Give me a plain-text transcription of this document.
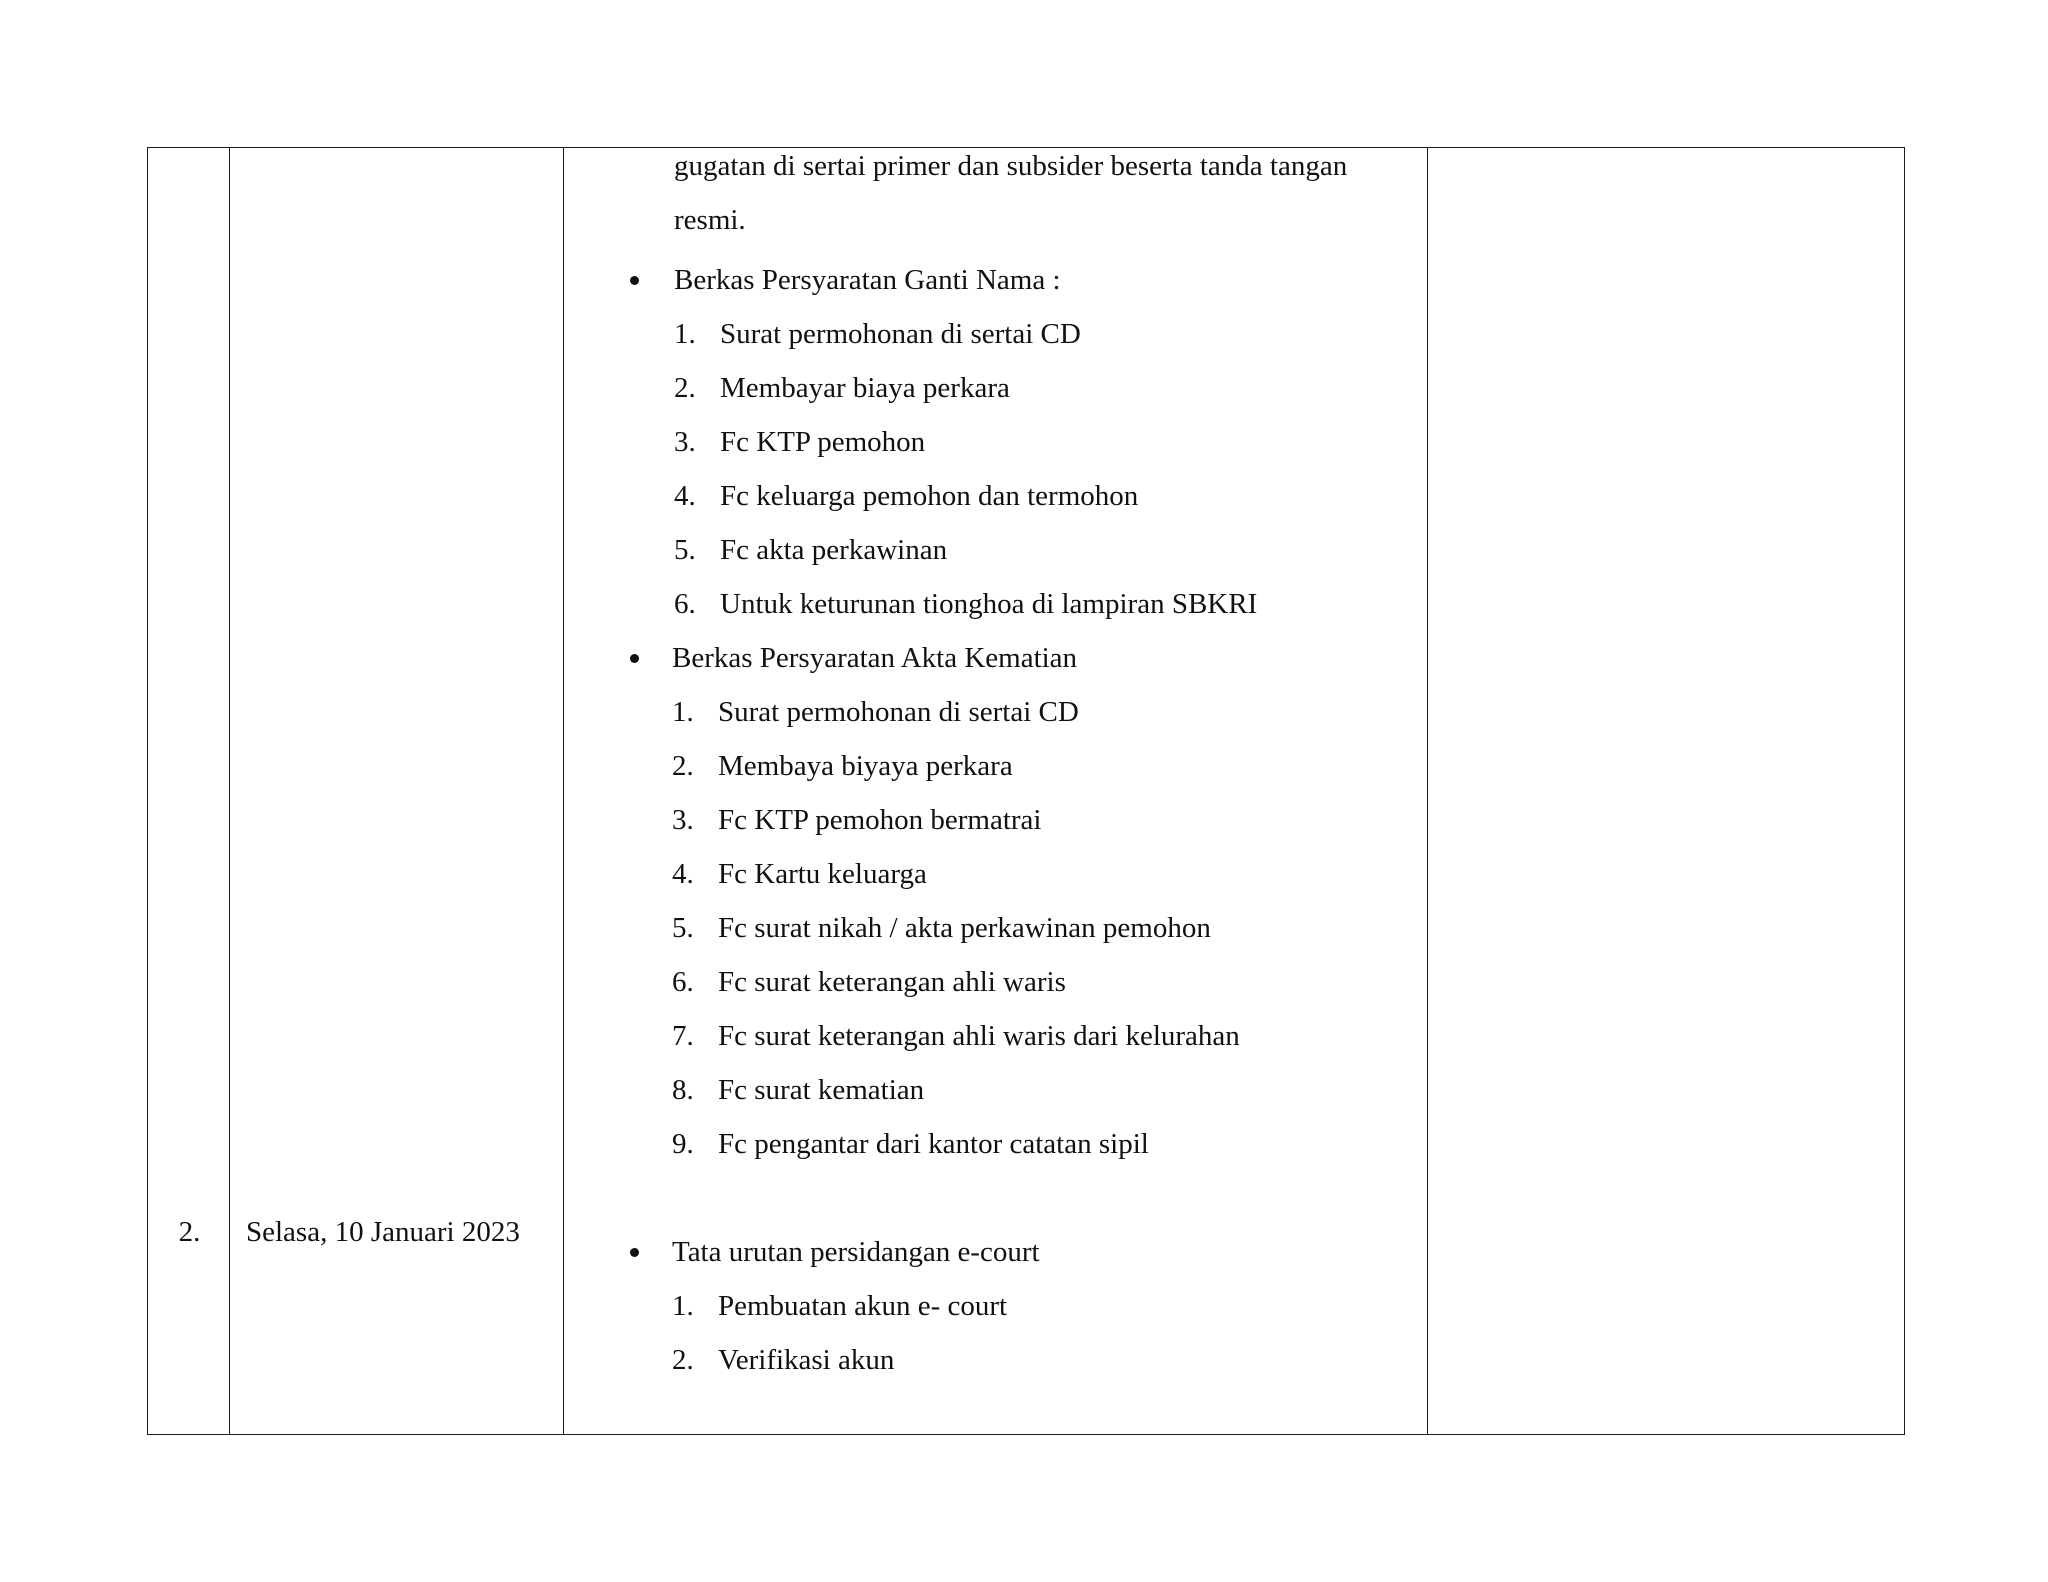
2.	Selasa, 10 Januari 2023
gugatan di sertai primer dan subsider beserta tanda tangan
resmi.
Berkas Persyaratan Ganti Nama :
1. Surat permohonan di sertai CD
2. Membayar biaya perkara
3. Fc KTP pemohon
4. Fc keluarga pemohon dan termohon
5. Fc akta perkawinan
6. Untuk keturunan tionghoa di lampiran SBKRI
Berkas Persyaratan Akta Kematian
1. Surat permohonan di sertai CD
2. Membaya biyaya perkara
3. Fc KTP pemohon bermatrai
4. Fc Kartu keluarga
5. Fc surat nikah / akta perkawinan pemohon
6. Fc surat keterangan ahli waris
7. Fc surat keterangan ahli waris dari kelurahan
8. Fc surat kematian
9. Fc pengantar dari kantor catatan sipil
Tata urutan persidangan e-court
1. Pembuatan akun e- court
2. Verifikasi akun
